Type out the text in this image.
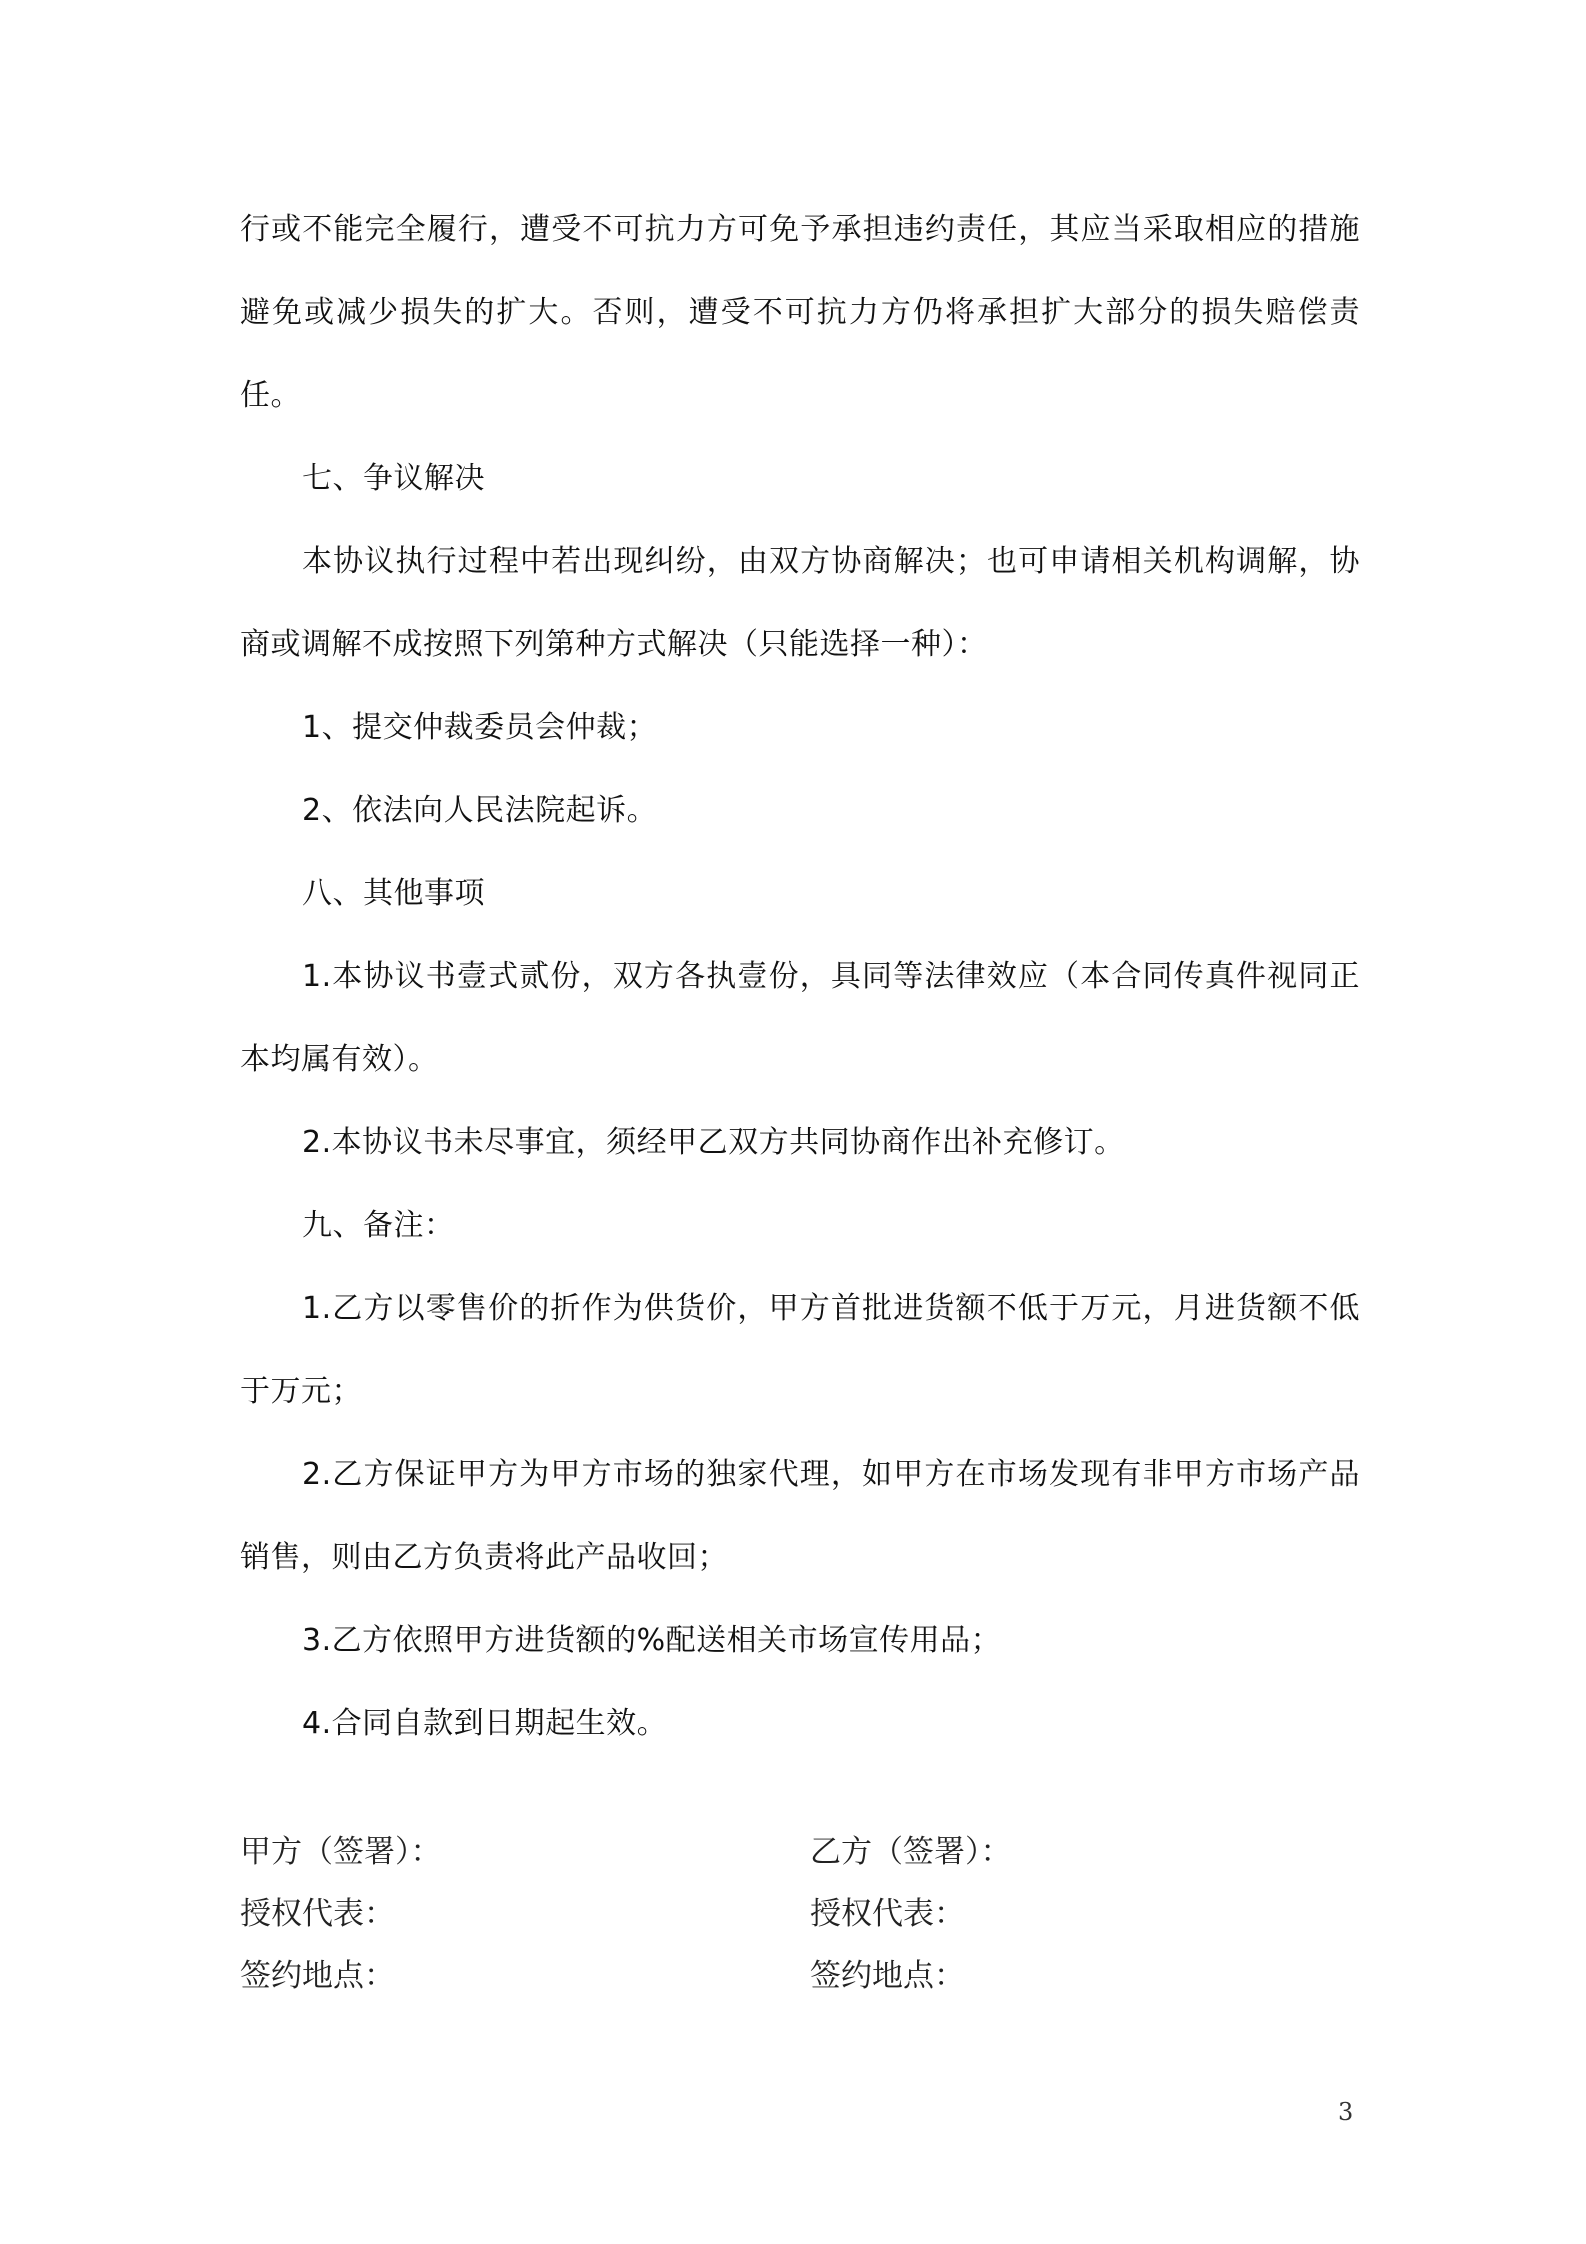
行或不能完全履行，遭受不可抗力方可免予承担违约责任，其应当采取相应的措施避免或减少损失的扩大。否则，遭受不可抗力方仍将承担扩大部分的损失赔偿责任。

七、争议解决

本协议执行过程中若出现纠纷，由双方协商解决；也可申请相关机构调解，协商或调解不成按照下列第种方式解决（只能选择一种）：

1、提交仲裁委员会仲裁；

2、依法向人民法院起诉。

八、其他事项

1.本协议书壹式贰份，双方各执壹份，具同等法律效应（本合同传真件视同正本均属有效）。

2.本协议书未尽事宜，须经甲乙双方共同协商作出补充修订。

九、备注：

1.乙方以零售价的折作为供货价，甲方首批进货额不低于万元，月进货额不低于万元；

2.乙方保证甲方为甲方市场的独家代理，如甲方在市场发现有非甲方市场产品销售，则由乙方负责将此产品收回；

3.乙方依照甲方进货额的%配送相关市场宣传用品；

4.合同自款到日期起生效。

甲方（签署）：
授权代表：
签约地点：
乙方（签署）：
授权代表：
签约地点：
3
